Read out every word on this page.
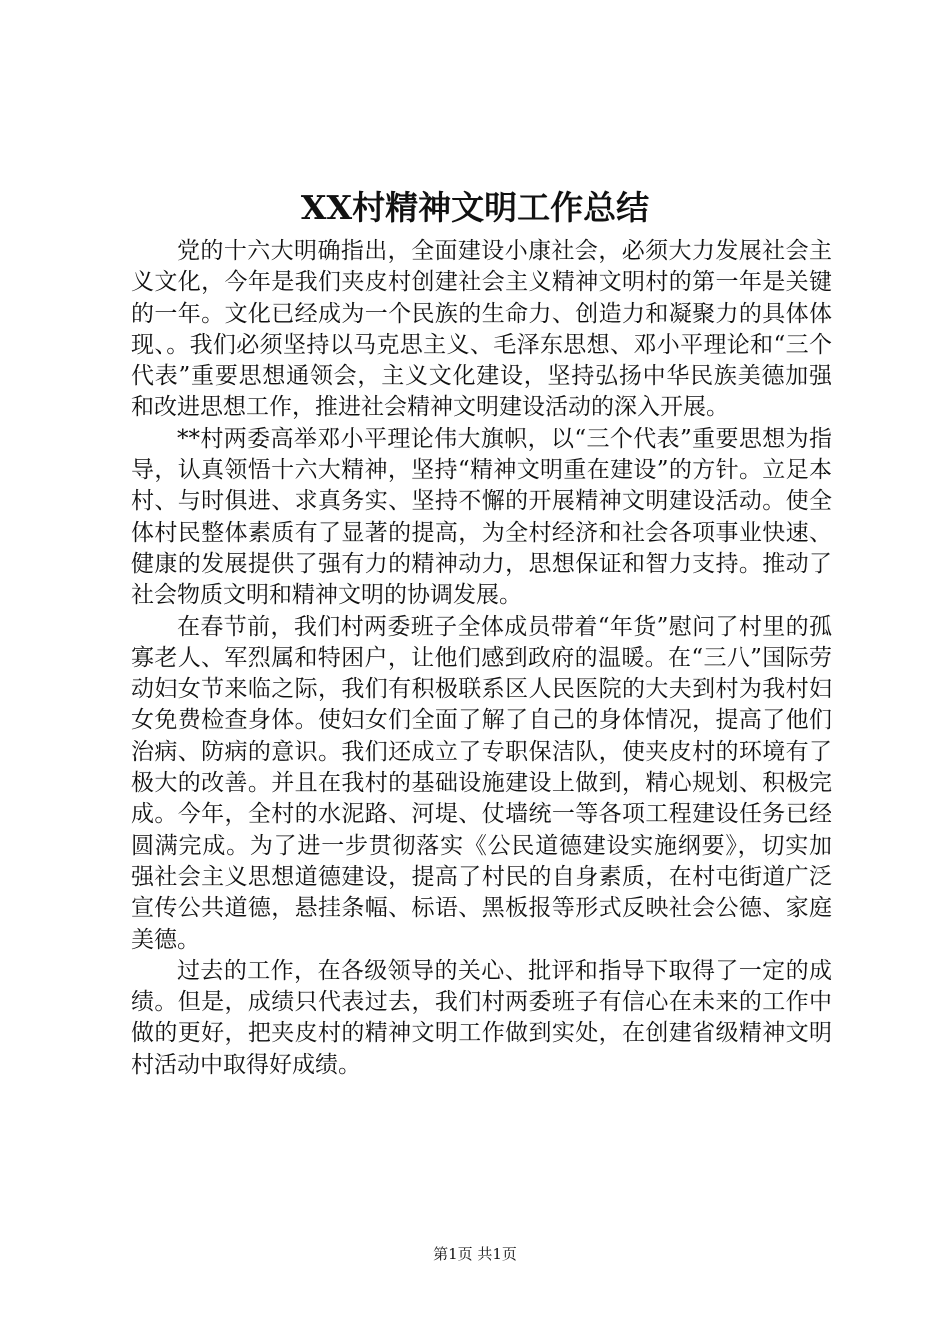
XX村精神文明工作总结

党的十六大明确指出，全面建设小康社会，必须大力发展社会主义文化，今年是我们夹皮村创建社会主义精神文明村的第一年是关键的一年。文化已经成为一个民族的生命力、创造力和凝聚力的具体体现、。我们必须坚持以马克思主义、毛泽东思想、邓小平理论和“三个代表”重要思想通领会，主义文化建设，坚持弘扬中华民族美德加强和改进思想工作，推进社会精神文明建设活动的深入开展。

**村两委高举邓小平理论伟大旗帜，以“三个代表”重要思想为指导，认真领悟十六大精神，坚持“精神文明重在建设”的方针。立足本村、与时俱进、求真务实、坚持不懈的开展精神文明建设活动。使全体村民整体素质有了显著的提高，为全村经济和社会各项事业快速、健康的发展提供了强有力的精神动力，思想保证和智力支持。推动了社会物质文明和精神文明的协调发展。

在春节前，我们村两委班子全体成员带着“年货”慰问了村里的孤寡老人、军烈属和特困户，让他们感到政府的温暖。在“三八”国际劳动妇女节来临之际，我们有积极联系区人民医院的大夫到村为我村妇女免费检查身体。使妇女们全面了解了自己的身体情况，提高了他们治病、防病的意识。我们还成立了专职保洁队，使夹皮村的环境有了极大的改善。并且在我村的基础设施建设上做到，精心规划、积极完成。今年，全村的水泥路、河堤、仗墙统一等各项工程建设任务已经圆满完成。为了进一步贯彻落实《公民道德建设实施纲要》，切实加强社会主义思想道德建设，提高了村民的自身素质，在村屯街道广泛宣传公共道德，悬挂条幅、标语、黑板报等形式反映社会公德、家庭美德。

过去的工作，在各级领导的关心、批评和指导下取得了一定的成绩。但是，成绩只代表过去，我们村两委班子有信心在未来的工作中做的更好，把夹皮村的精神文明工作做到实处，在创建省级精神文明村活动中取得好成绩。

第1页 共1页
